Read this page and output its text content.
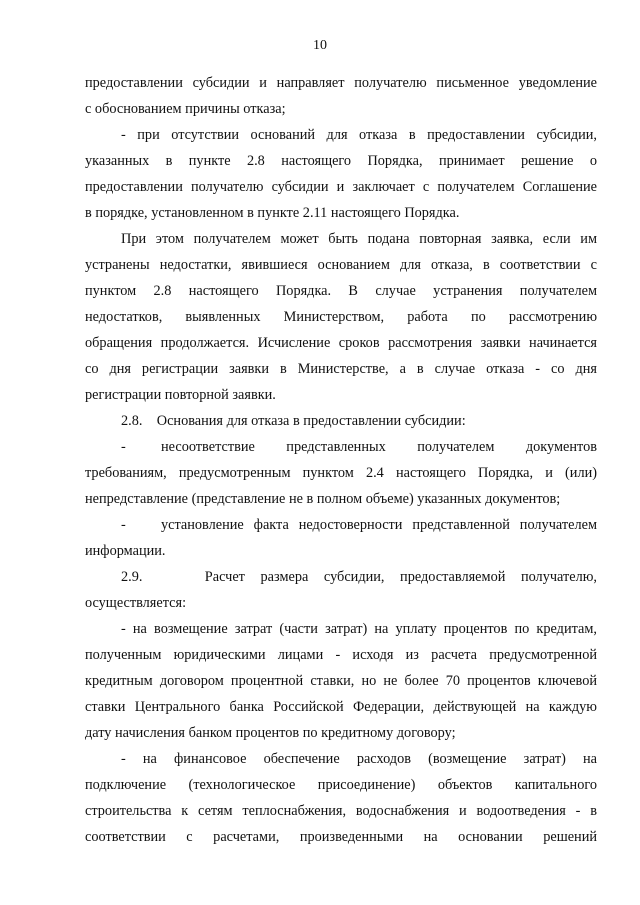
10
предоставлении субсидии и направляет получателю письменное уведомление
с обоснованием причины отказа;
- при отсутствии оснований для отказа в предоставлении субсидии,
указанных в пункте 2.8 настоящего Порядка, принимает решение о
предоставлении получателю субсидии и заключает с получателем Соглашение
в порядке, установленном в пункте 2.11 настоящего Порядка.
При этом получателем может быть подана повторная заявка, если им
устранены недостатки, явившиеся основанием для отказа, в соответствии с
пунктом 2.8 настоящего Порядка. В случае устранения получателем
недостатков, выявленных Министерством, работа по рассмотрению
обращения продолжается. Исчисление сроков рассмотрения заявки начинается
со дня регистрации заявки в Министерстве, а в случае отказа - со дня
регистрации повторной заявки.
2.8.    Основания для отказа в предоставлении субсидии:
-	несоответствие представленных получателем документов
требованиям, предусмотренным пунктом 2.4 настоящего Порядка, и (или)
непредставление (представление не в полном объеме) указанных документов;
-	установление факта недостоверности представленной получателем
информации.
2.9.    Расчет размера субсидии, предоставляемой получателю,
осуществляется:
- на возмещение затрат (части затрат) на уплату процентов по кредитам,
полученным юридическими лицами - исходя из расчета предусмотренной
кредитным договором процентной ставки, но не более 70 процентов ключевой
ставки Центрального банка Российской Федерации, действующей на каждую
дату начисления банком процентов по кредитному договору;
- на финансовое обеспечение расходов (возмещение затрат) на
подключение (технологическое присоединение) объектов капитального
строительства к сетям теплоснабжения, водоснабжения и водоотведения - в
соответствии с расчетами, произведенными на основании решений
